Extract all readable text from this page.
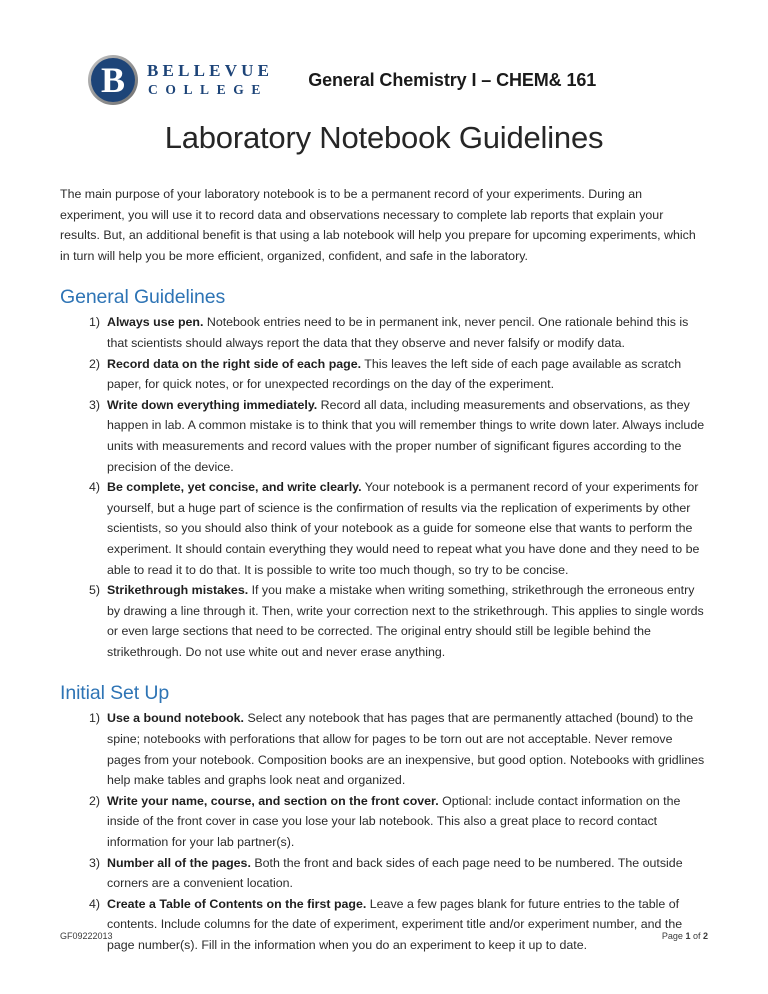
B	BELLEVUE
COLLEGE General Chemistry I – CHEM& 161
Laboratory Notebook Guidelines

The main purpose of your laboratory notebook is to be a permanent record of your experiments. During an experiment, you will use it to record data and observations necessary to complete lab reports that explain your results. But, an additional benefit is that using a lab notebook will help you prepare for upcoming experiments, which in turn will help you be more efficient, organized, confident, and safe in the laboratory.

General Guidelines
1) Always use pen. Notebook entries need to be in permanent ink, never pencil. One rationale behind this is that scientists should always report the data that they observe and never falsify or modify data.
2) Record data on the right side of each page. This leaves the left side of each page available as scratch paper, for quick notes, or for unexpected recordings on the day of the experiment.
3) Write down everything immediately. Record all data, including measurements and observations, as they happen in lab. A common mistake is to think that you will remember things to write down later. Always include units with measurements and record values with the proper number of significant figures according to the precision of the device.
4) Be complete, yet concise, and write clearly. Your notebook is a permanent record of your experiments for yourself, but a huge part of science is the confirmation of results via the replication of experiments by other scientists, so you should also think of your notebook as a guide for someone else that wants to perform the experiment. It should contain everything they would need to repeat what you have done and they need to be able to read it to do that. It is possible to write too much though, so try to be concise.
5) Strikethrough mistakes. If you make a mistake when writing something, strikethrough the erroneous entry by drawing a line through it. Then, write your correction next to the strikethrough. This applies to single words or even large sections that need to be corrected. The original entry should still be legible behind the strikethrough. Do not use white out and never erase anything.
Initial Set Up
1) Use a bound notebook. Select any notebook that has pages that are permanently attached (bound) to the spine; notebooks with perforations that allow for pages to be torn out are not acceptable. Never remove pages from your notebook. Composition books are an inexpensive, but good option. Notebooks with gridlines help make tables and graphs look neat and organized.
2) Write your name, course, and section on the front cover. Optional: include contact information on the inside of the front cover in case you lose your lab notebook. This also a great place to record contact information for your lab partner(s).
3) Number all of the pages. Both the front and back sides of each page need to be numbered. The outside corners are a convenient location.
4) Create a Table of Contents on the first page. Leave a few pages blank for future entries to the table of contents. Include columns for the date of experiment, experiment title and/or experiment number, and the page number(s). Fill in the information when you do an experiment to keep it up to date.
GF09222013	Page 1 of 2
